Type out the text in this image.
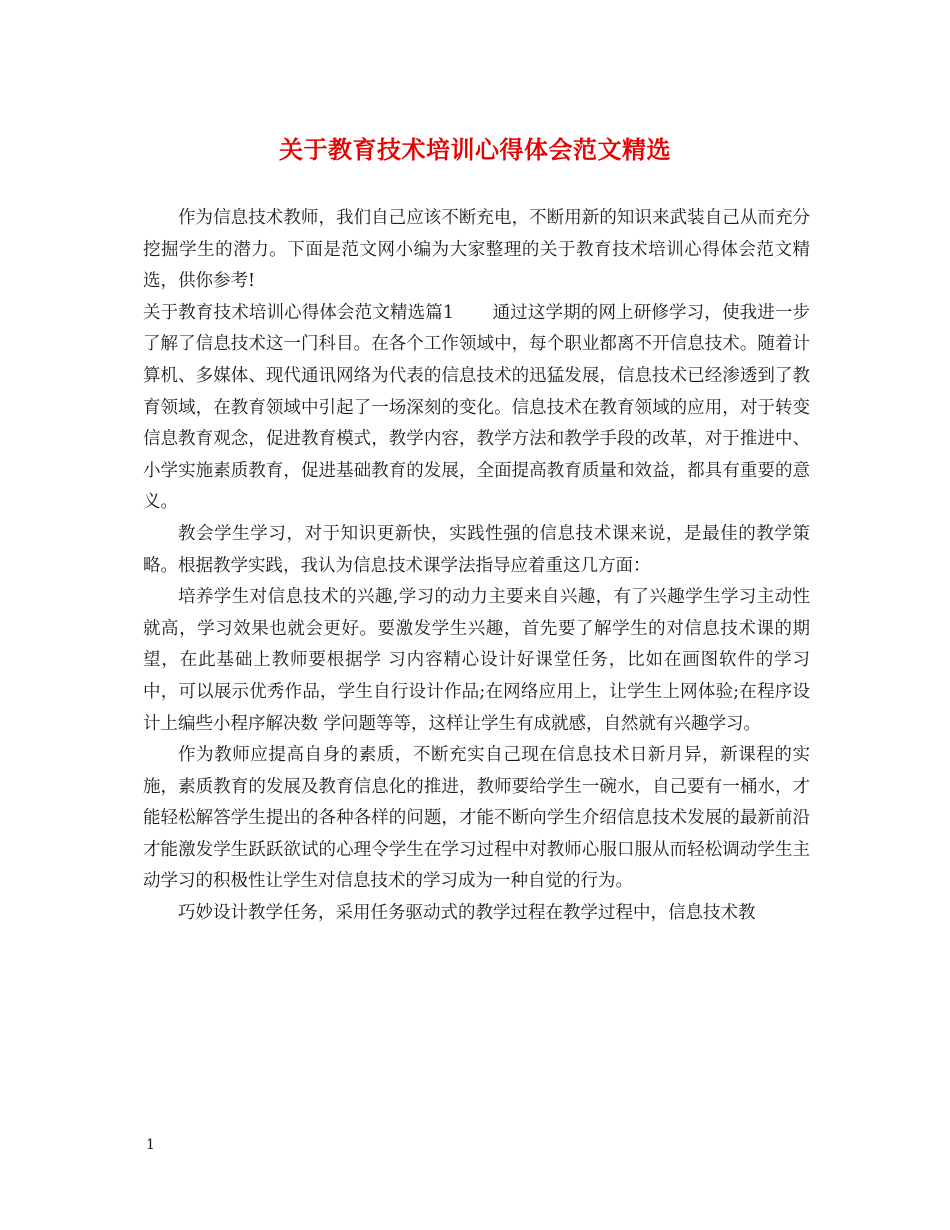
关于教育技术培训心得体会范文精选

作为信息技术教师，我们自己应该不断充电，不断用新的知识来武装自己从而充分挖掘学生的潜力。下面是范文网小编为大家整理的关于教育技术培训心得体会范文精选，供你参考!

关于教育技术培训心得体会范文精选篇1 通过这学期的网上研修学习，使我进一步了解了信息技术这一门科目。在各个工作领域中，每个职业都离不开信息技术。随着计算机、多媒体、现代通讯网络为代表的信息技术的迅猛发展，信息技术已经渗透到了教育领域，在教育领域中引起了一场深刻的变化。信息技术在教育领域的应用，对于转变信息教育观念，促进教育模式，教学内容，教学方法和教学手段的改革，对于推进中、小学实施素质教育，促进基础教育的发展，全面提高教育质量和效益，都具有重要的意义。

教会学生学习，对于知识更新快，实践性强的信息技术课来说，是最佳的教学策略。根据教学实践，我认为信息技术课学法指导应着重这几方面：

培养学生对信息技术的兴趣,学习的动力主要来自兴趣，有了兴趣学生学习主动性就高，学习效果也就会更好。要激发学生兴趣，首先要了解学生的对信息技术课的期望，在此基础上教师要根据学 习内容精心设计好课堂任务，比如在画图软件的学习中，可以展示优秀作品，学生自行设计作品;在网络应用上，让学生上网体验;在程序设计上编些小程序解决数 学问题等等，这样让学生有成就感，自然就有兴趣学习。

作为教师应提高自身的素质，不断充实自己现在信息技术日新月异，新课程的实施，素质教育的发展及教育信息化的推进，教师要给学生一碗水，自己要有一桶水，才能轻松解答学生提出的各种各样的问题，才能不断向学生介绍信息技术发展的最新前沿才能激发学生跃跃欲试的心理令学生在学习过程中对教师心服口服从而轻松调动学生主动学习的积极性让学生对信息技术的学习成为一种自觉的行为。

巧妙设计教学任务，采用任务驱动式的教学过程在教学过程中，信息技术教

1
